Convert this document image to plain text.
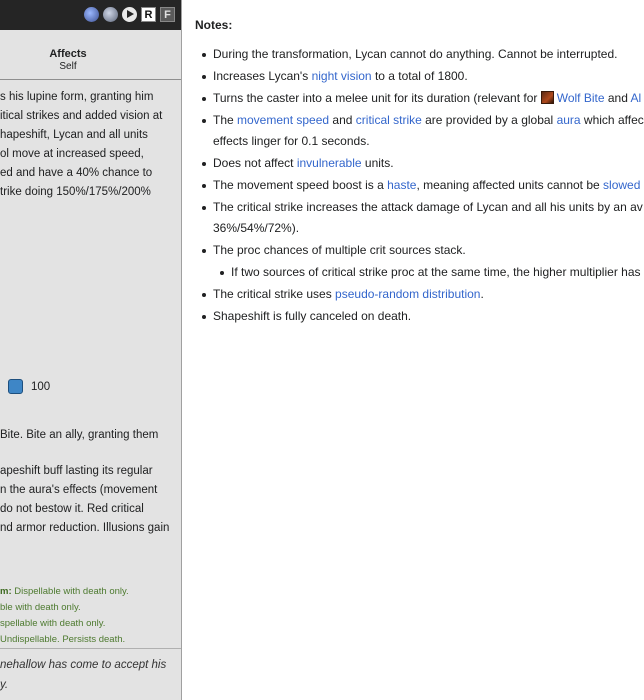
R	F
Affects
Self
s his lupine form, granting him
itical strikes and added vision at
hapeshift, Lycan and all units
ol move at increased speed,
ed and have a 40% chance to
trike doing 150%/175%/200%
100
Bite. Bite an ally, granting them
apeshift buff lasting its regular
n the aura's effects (movement
do not bestow it. Red critical
nd armor reduction. Illusions gain
m: Dispellable with death only.
ble with death only.
spellable with death only.
Undispellable. Persists death.
nehallow has come to accept his
y.
Notes:
During the transformation, Lycan cannot do anything. Cannot be interrupted.
Increases Lycan's night vision to a total of 1800.
Turns the caster into a melee unit for its duration (relevant for Wolf Bite and Al
The movement speed and critical strike are provided by a global aura which affec
effects linger for 0.1 seconds.
Does not affect invulnerable units.
The movement speed boost is a haste, meaning affected units cannot be slowed
The critical strike increases the attack damage of Lycan and all his units by an av
36%/54%/72%).
The proc chances of multiple crit sources stack.
If two sources of critical strike proc at the same time, the higher multiplier has
The critical strike uses pseudo-random distribution.
Shapeshift is fully canceled on death.
